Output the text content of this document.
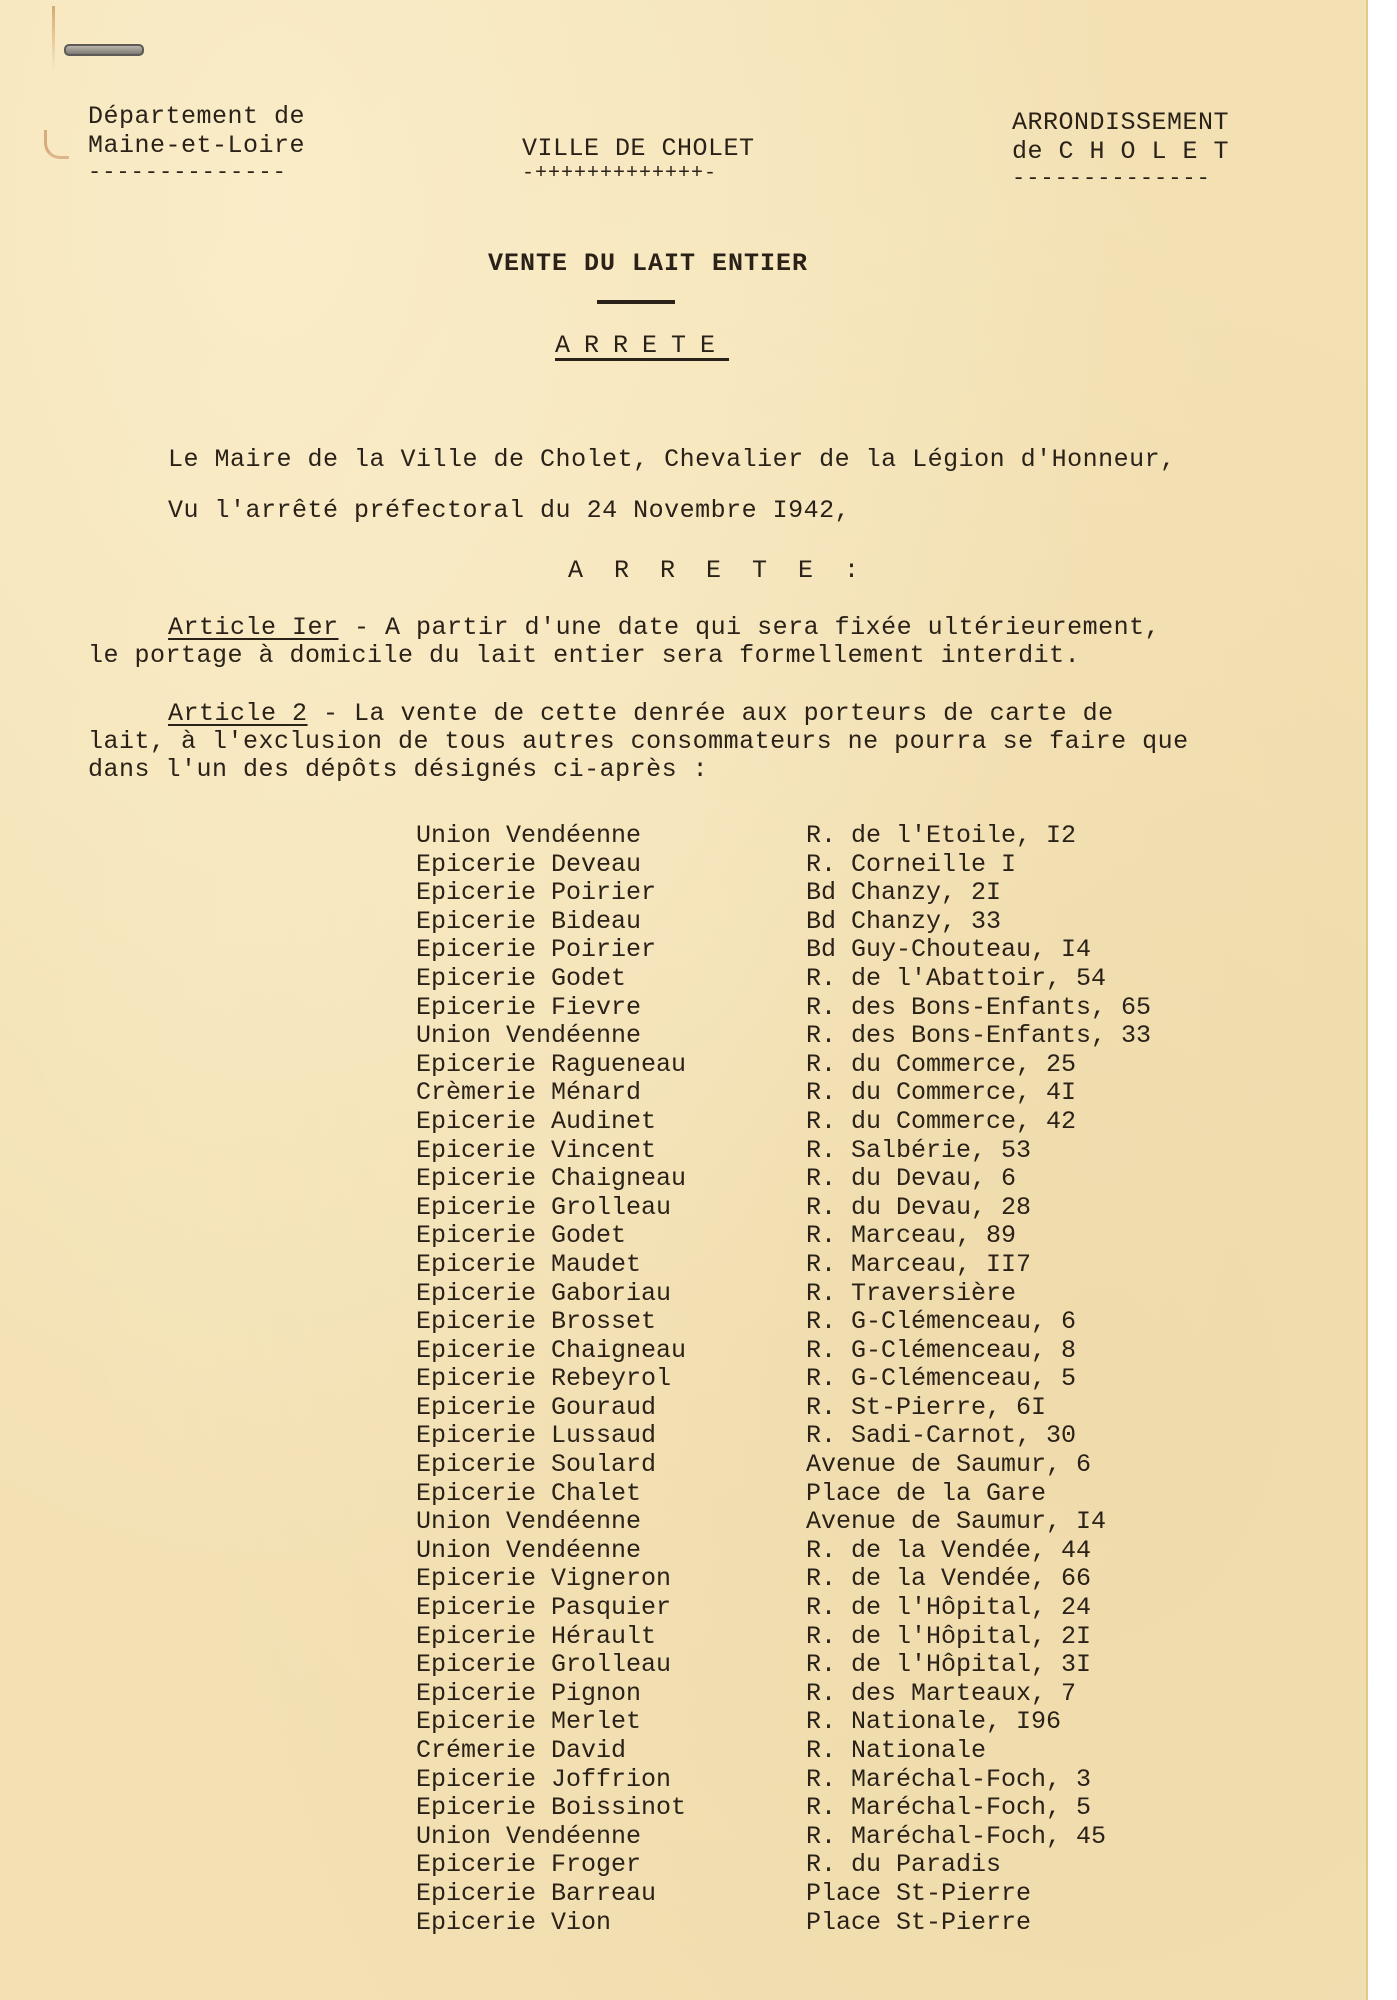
Département de
Maine-et-Loire
--------------
VILLE DE CHOLET
-+++++++++++++-
ARRONDISSEMENT
de C H O L E T
--------------
VENTE DU LAIT ENTIER
ARRETE
Le Maire de la Ville de Cholet, Chevalier de la Légion d'Honneur,
Vu l'arrêté préfectoral du 24 Novembre I942,
A R R E T E :
Article Ier - A partir d'une date qui sera fixée ultérieurement,
le portage à domicile du lait entier sera formellement interdit.
Article 2 - La vente de cette denrée aux porteurs de carte de
lait, à l'exclusion de tous autres consommateurs ne pourra se faire que
dans l'un des dépôts désignés ci-après :
Union Vendéenne	R. de l'Etoile, I2
Epicerie Deveau	R. Corneille I
Epicerie Poirier	Bd Chanzy, 2I
Epicerie Bideau	Bd Chanzy, 33
Epicerie Poirier	Bd Guy-Chouteau, I4
Epicerie Godet	R. de l'Abattoir, 54
Epicerie Fievre	R. des Bons-Enfants, 65
Union Vendéenne	R. des Bons-Enfants, 33
Epicerie Ragueneau	R. du Commerce, 25
Crèmerie Ménard	R. du Commerce, 4I
Epicerie Audinet	R. du Commerce, 42
Epicerie Vincent	R. Salbérie, 53
Epicerie Chaigneau	R. du Devau, 6
Epicerie Grolleau	R. du Devau, 28
Epicerie Godet	R. Marceau, 89
Epicerie Maudet	R. Marceau, II7
Epicerie Gaboriau	R. Traversière
Epicerie Brosset	R. G-Clémenceau, 6
Epicerie Chaigneau	R. G-Clémenceau, 8
Epicerie Rebeyrol	R. G-Clémenceau, 5
Epicerie Gouraud	R. St-Pierre, 6I
Epicerie Lussaud	R. Sadi-Carnot, 30
Epicerie Soulard	Avenue de Saumur, 6
Epicerie Chalet	Place de la Gare
Union Vendéenne	Avenue de Saumur, I4
Union Vendéenne	R. de la Vendée, 44
Epicerie Vigneron	R. de la Vendée, 66
Epicerie Pasquier	R. de l'Hôpital, 24
Epicerie Hérault	R. de l'Hôpital, 2I
Epicerie Grolleau	R. de l'Hôpital, 3I
Epicerie Pignon	R. des Marteaux, 7
Epicerie Merlet	R. Nationale, I96
Crémerie David	R. Nationale
Epicerie Joffrion	R. Maréchal-Foch, 3
Epicerie Boissinot	R. Maréchal-Foch, 5
Union Vendéenne	R. Maréchal-Foch, 45
Epicerie Froger	R. du Paradis
Epicerie Barreau	Place St-Pierre
Epicerie Vion	Place St-Pierre
